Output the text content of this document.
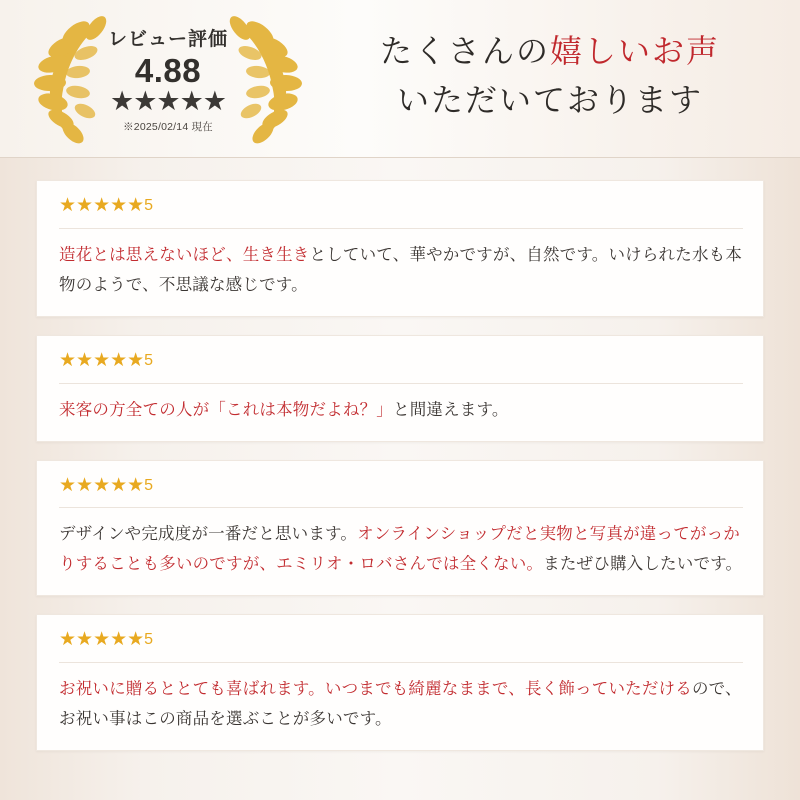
レビュー評価
4.88
★★★★★
※2025/02/14 現在
たくさんの嬉しいお声
いただいております
★★★★★5
造花とは思えないほど、生き生きとしていて、華やかですが、自然です。いけられた水も本物のようで、不思議な感じです。
★★★★★5
来客の方全ての人が「これは本物だよね？」と間違えます。
★★★★★5
デザインや完成度が一番だと思います。オンラインショップだと実物と写真が違ってがっかりすることも多いのですが、エミリオ・ロバさんでは全くない。またぜひ購入したいです。
★★★★★5
お祝いに贈るととても喜ばれます。いつまでも綺麗なままで、長く飾っていただけるので、お祝い事はこの商品を選ぶことが多いです。
